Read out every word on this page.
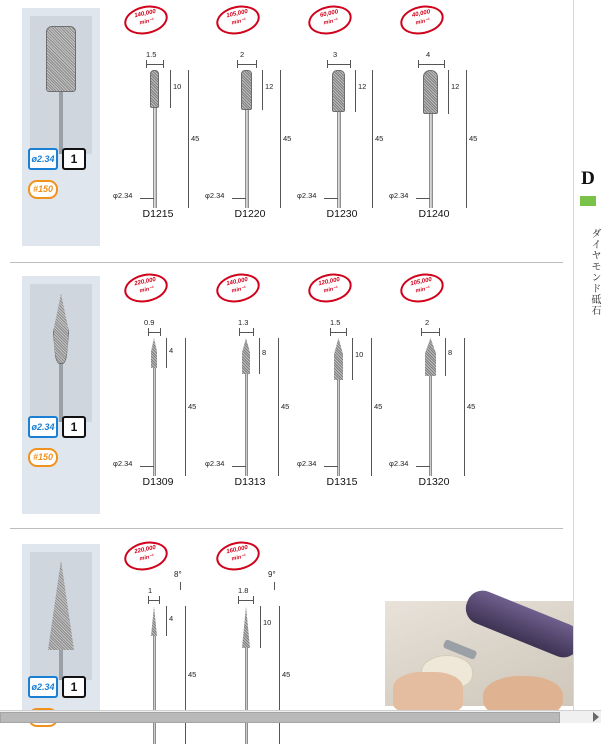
ø2.34	1
#150
140,000
min⁻¹
1.5
10
45
φ2.34
D1215
105,000
min⁻¹
2
12
45
φ2.34
D1220
60,000
min⁻¹
3
12
45
φ2.34
D1230
40,000
min⁻¹
4
12
45
φ2.34
D1240
ø2.34	1
#150
220,000
min⁻¹
0.9
4
45
φ2.34
D1309
140,000
min⁻¹
1.3
8
45
φ2.34
D1313
120,000
min⁻¹
1.5
10
45
φ2.34
D1315
105,000
min⁻¹
2
8
45
φ2.34
D1320
ø2.34	1
220,000
min⁻¹
8°
1
4
45
160,000
min⁻¹
9°
1.8
10
45
D
ダイヤモンド砥石
